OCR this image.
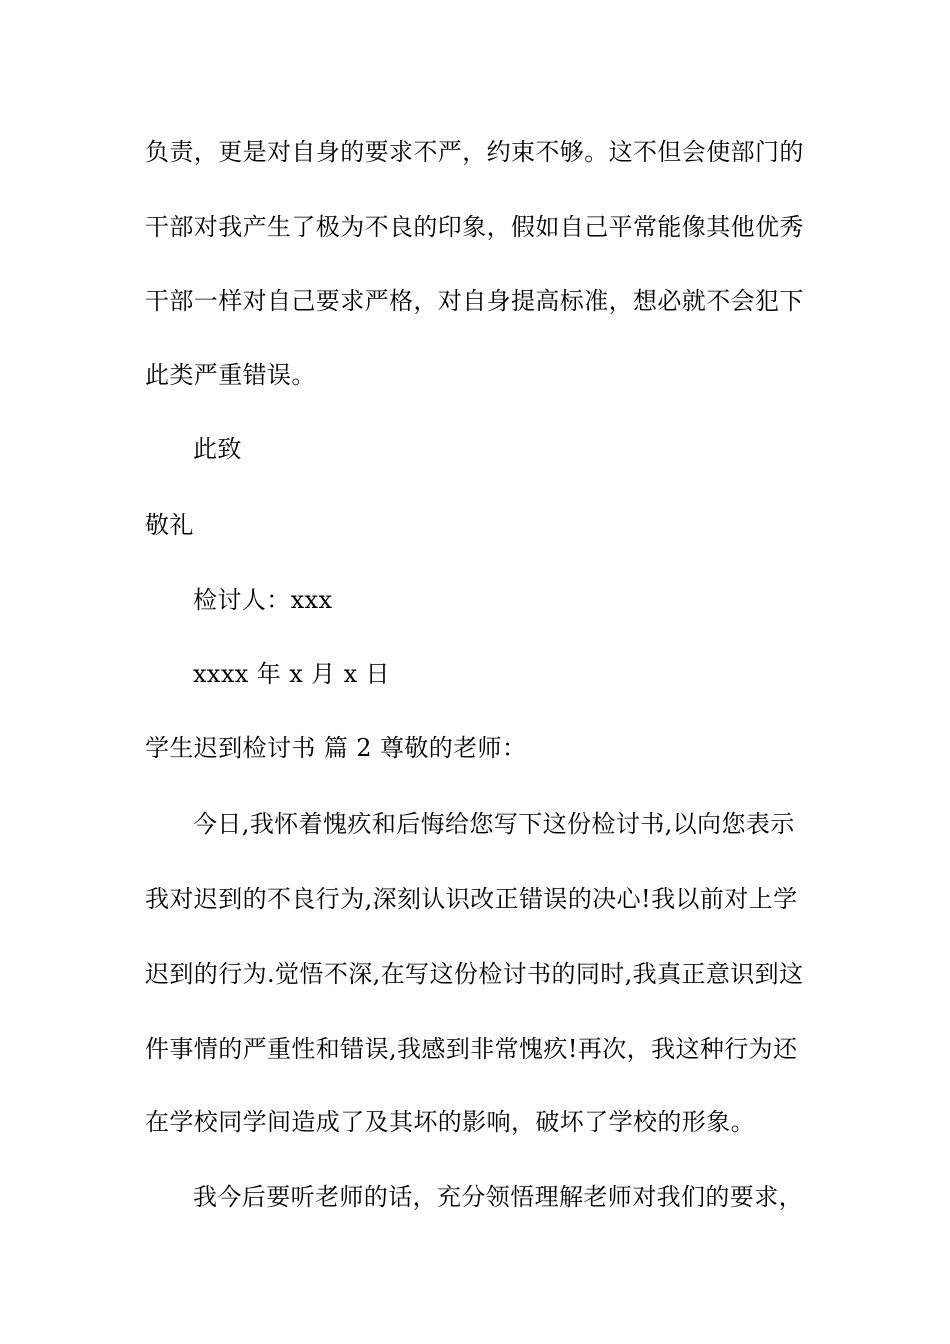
负责，更是对自身的要求不严，约束不够。这不但会使部门的
干部对我产生了极为不良的印象，假如自己平常能像其他优秀
干部一样对自己要求严格，对自身提高标准，想必就不会犯下
此类严重错误。
此致
敬礼
检讨人：xxx
xxxx 年 x 月 x 日
学生迟到检讨书 篇 2 尊敬的老师：
今日,我怀着愧疚和后悔给您写下这份检讨书,以向您表示
我对迟到的不良行为,深刻认识改正错误的决心!我以前对上学
迟到的行为.觉悟不深,在写这份检讨书的同时,我真正意识到这
件事情的严重性和错误,我感到非常愧疚!再次，我这种行为还
在学校同学间造成了及其坏的影响，破坏了学校的形象。
我今后要听老师的话，充分领悟理解老师对我们的要求，
